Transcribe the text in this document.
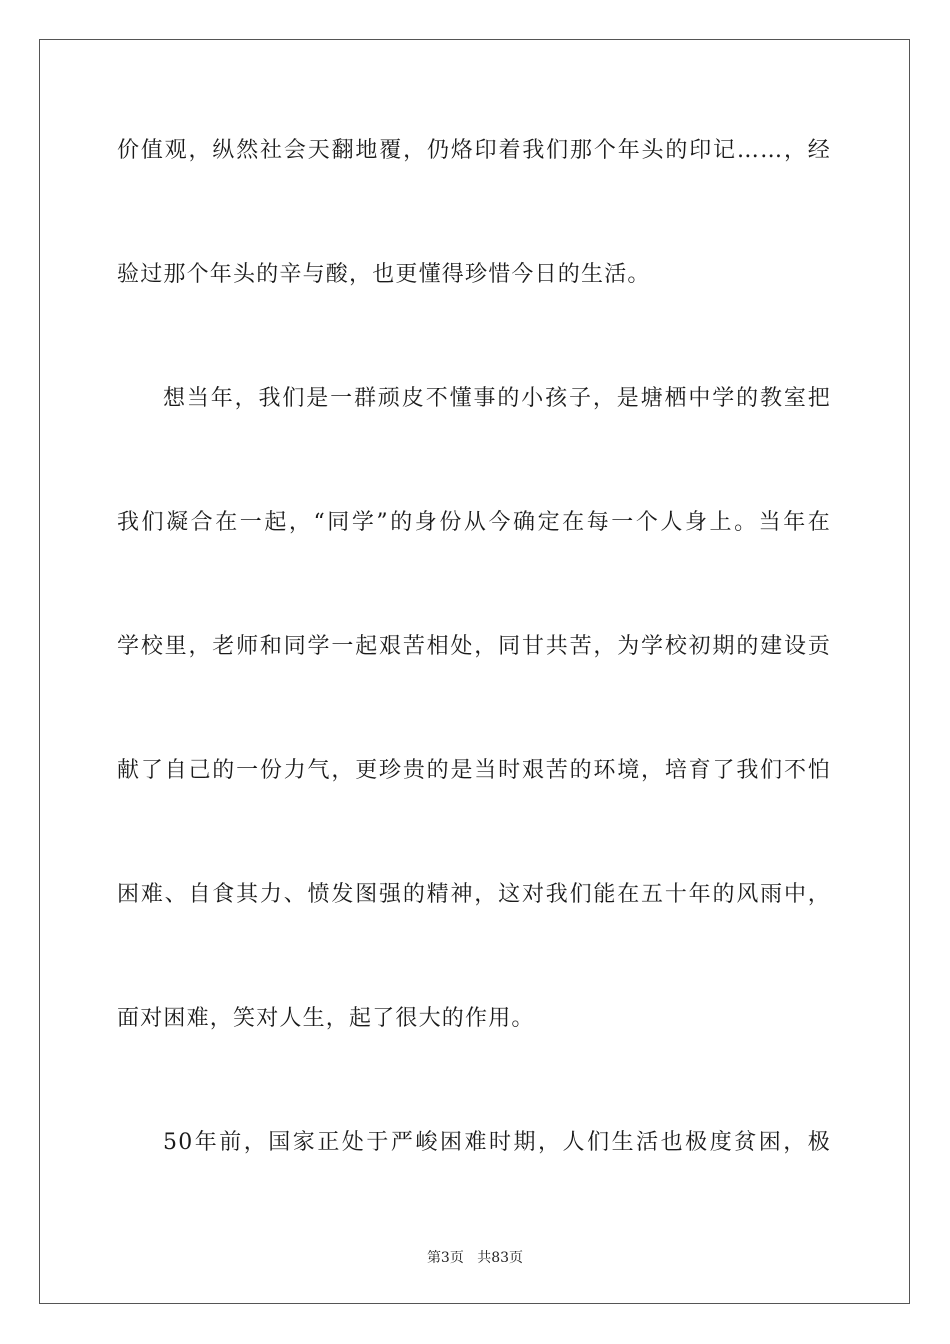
价值观，纵然社会天翻地覆，仍烙印着我们那个年头的印记……，经
验过那个年头的辛与酸，也更懂得珍惜今日的生活。
想当年，我们是一群顽皮不懂事的小孩子，是塘栖中学的教室把
我们凝合在一起，“同学”的身份从今确定在每一个人身上。当年在
学校里，老师和同学一起艰苦相处，同甘共苦，为学校初期的建设贡
献了自己的一份力气，更珍贵的是当时艰苦的环境，培育了我们不怕
困难、自食其力、愤发图强的精神，这对我们能在五十年的风雨中，
面对困难，笑对人生，起了很大的作用。
50年前，国家正处于严峻困难时期，人们生活也极度贫困，极
第3页 共83页
